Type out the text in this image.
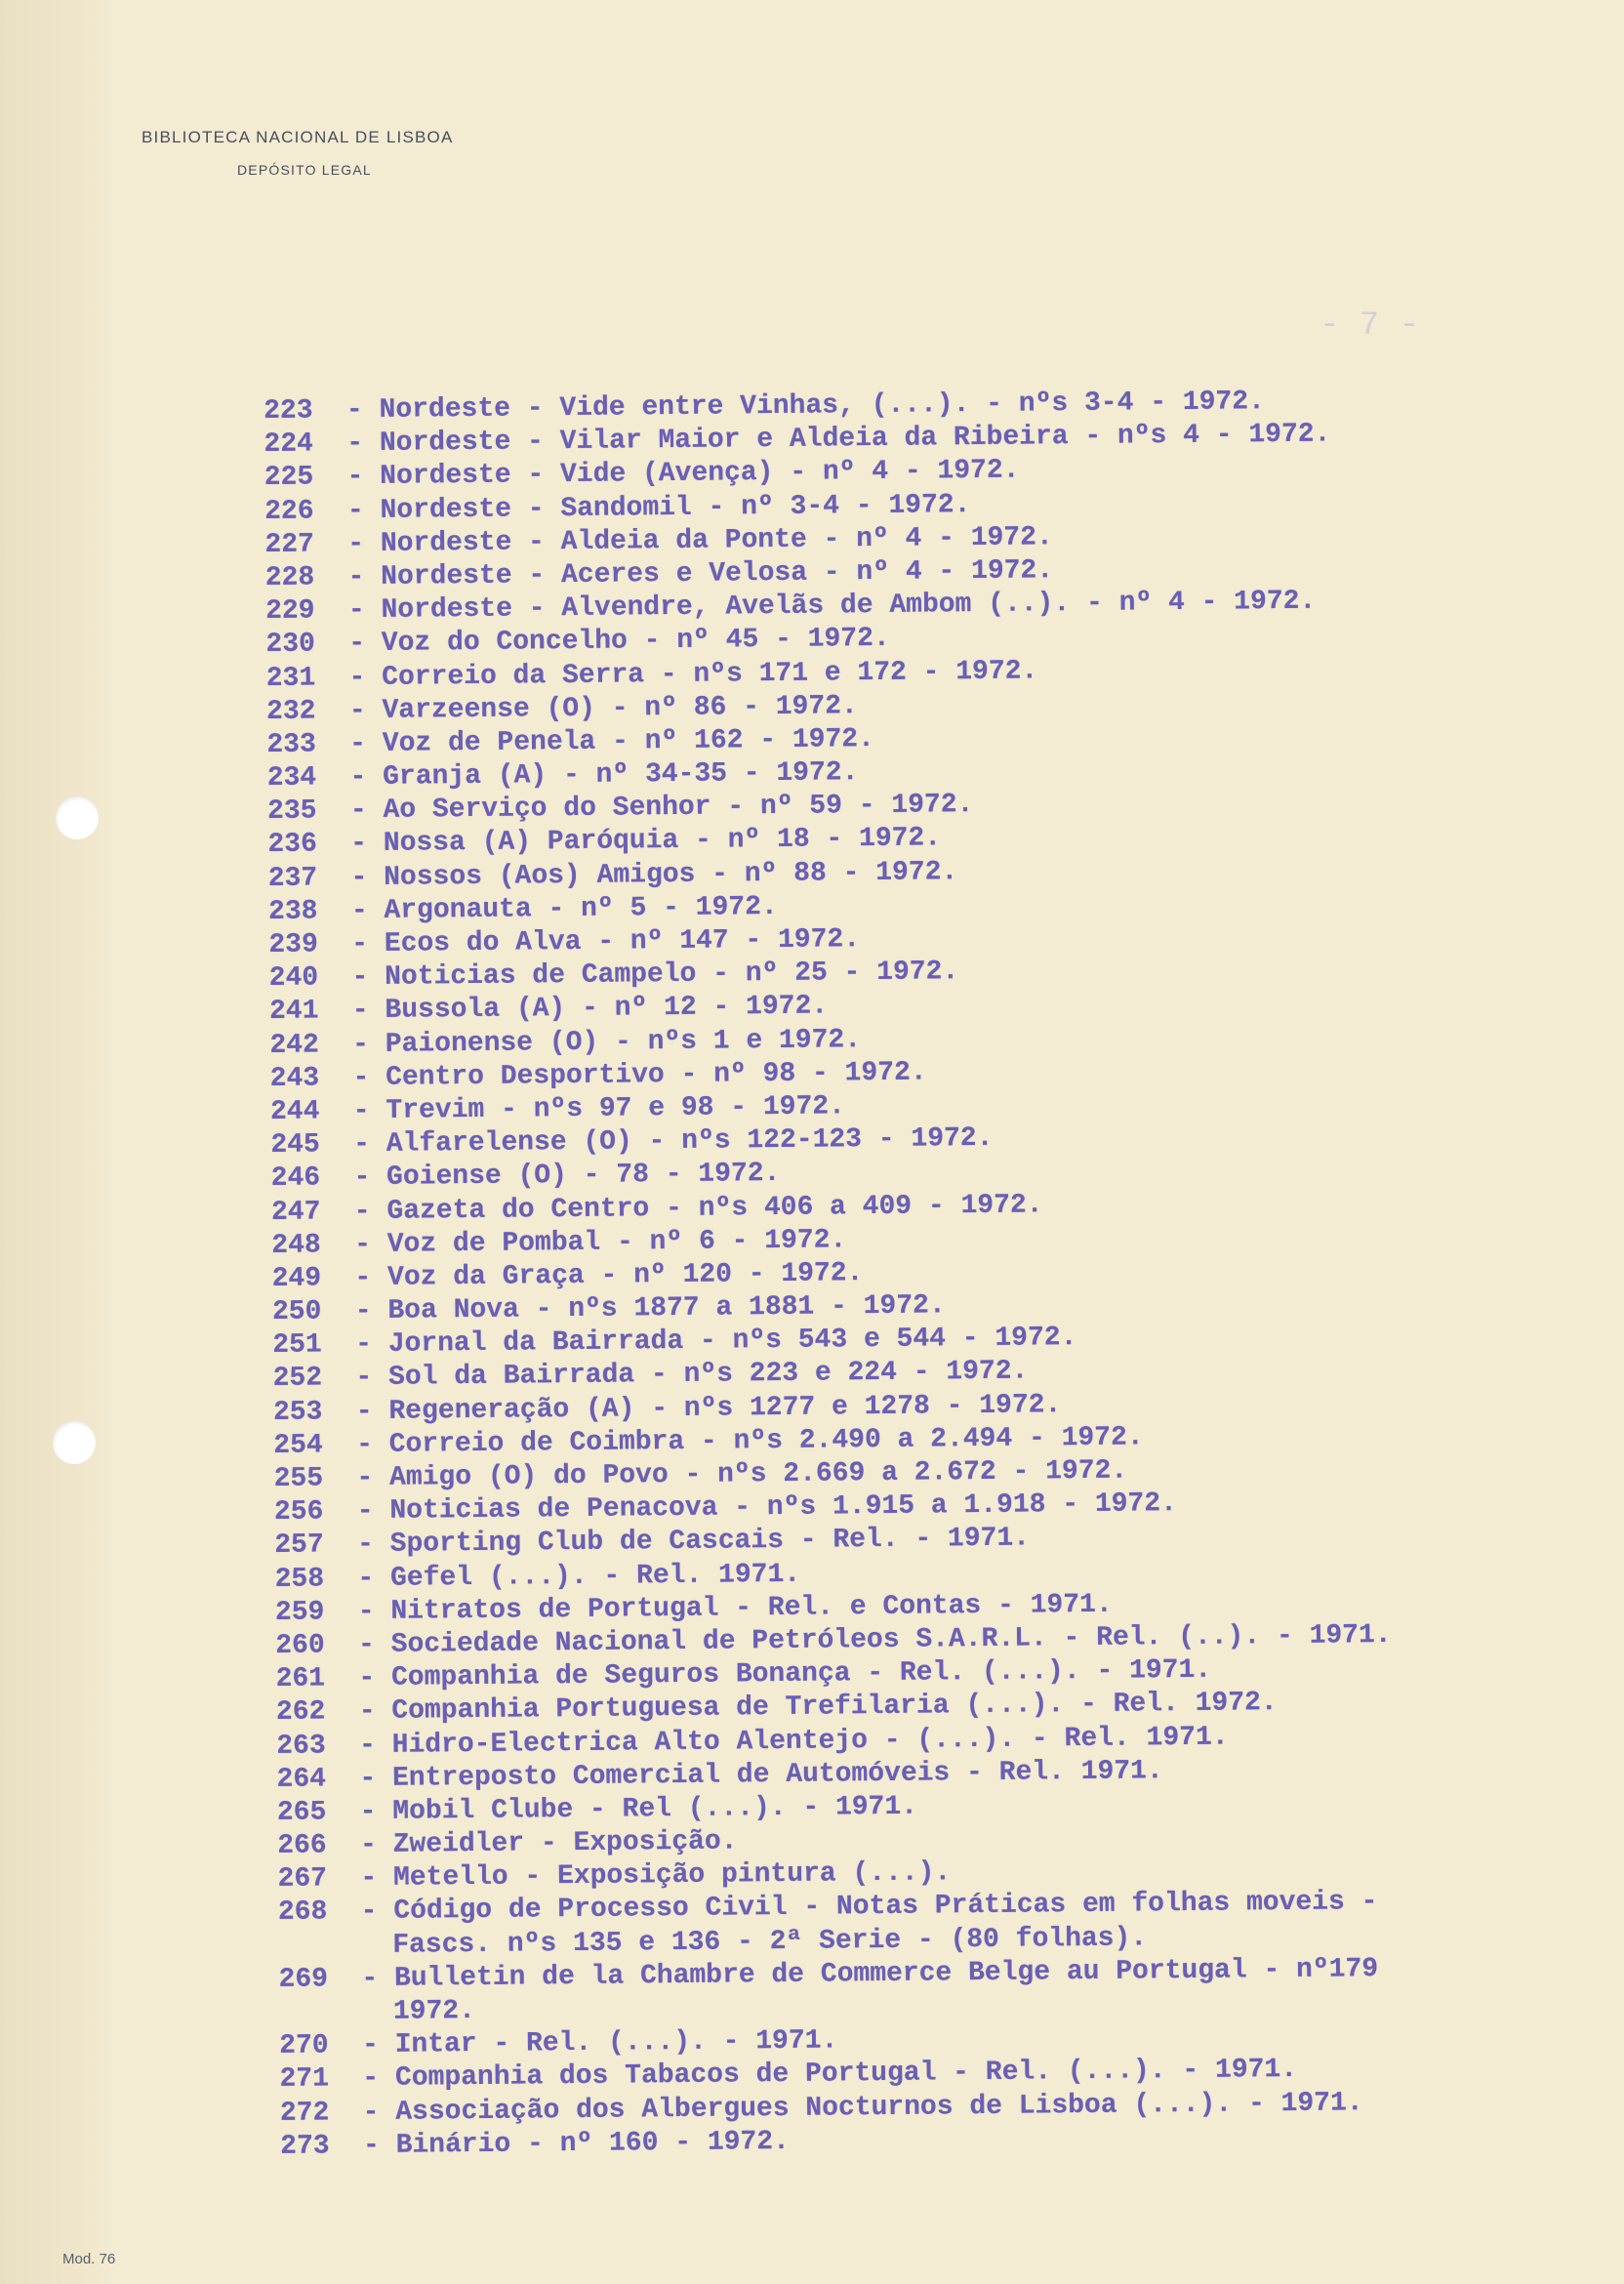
BIBLIOTECA NACIONAL DE LISBOA
DEPÓSITO LEGAL
- 7 -
223 - Nordeste - Vide entre Vinhas, (...). - nºs 3-4 - 1972.
224 - Nordeste - Vilar Maior e Aldeia da Ribeira - nºs 4 - 1972.
225 - Nordeste - Vide (Avença) - nº 4 - 1972.
226 - Nordeste - Sandomil - nº 3-4 - 1972.
227 - Nordeste - Aldeia da Ponte - nº 4 - 1972.
228 - Nordeste - Aceres e Velosa - nº 4 - 1972.
229 - Nordeste - Alvendre, Avelãs de Ambom (..). - nº 4 - 1972.
230 - Voz do Concelho - nº 45 - 1972.
231 - Correio da Serra - nºs 171 e 172 - 1972.
232 - Varzeense (O) - nº 86 - 1972.
233 - Voz de Penela - nº 162 - 1972.
234 - Granja (A) - nº 34-35 - 1972.
235 - Ao Serviço do Senhor - nº 59 - 1972.
236 - Nossa (A) Paróquia - nº 18 - 1972.
237 - Nossos (Aos) Amigos - nº 88 - 1972.
238 - Argonauta - nº 5 - 1972.
239 - Ecos do Alva - nº 147 - 1972.
240 - Noticias de Campelo - nº 25 - 1972.
241 - Bussola (A) - nº 12 - 1972.
242 - Paionense (O) - nºs 1 e 1972.
243 - Centro Desportivo - nº 98 - 1972.
244 - Trevim - nºs 97 e 98 - 1972.
245 - Alfarelense (O) - nºs 122-123 - 1972.
246 - Goiense (O) - 78 - 1972.
247 - Gazeta do Centro - nºs 406 a 409 - 1972.
248 - Voz de Pombal - nº 6 - 1972.
249 - Voz da Graça - nº 120 - 1972.
250 - Boa Nova - nºs 1877 a 1881 - 1972.
251 - Jornal da Bairrada - nºs 543 e 544 - 1972.
252 - Sol da Bairrada - nºs 223 e 224 - 1972.
253 - Regeneração (A) - nºs 1277 e 1278 - 1972.
254 - Correio de Coimbra - nºs 2.490 a 2.494 - 1972.
255 - Amigo (O) do Povo - nºs 2.669 a 2.672 - 1972.
256 - Noticias de Penacova - nºs 1.915 a 1.918 - 1972.
257 - Sporting Club de Cascais - Rel. - 1971.
258 - Gefel (...). - Rel. 1971.
259 - Nitratos de Portugal - Rel. e Contas - 1971.
260 - Sociedade Nacional de Petróleos S.A.R.L. - Rel. (..). - 1971.
261 - Companhia de Seguros Bonança - Rel. (...). - 1971.
262 - Companhia Portuguesa de Trefilaria (...). - Rel. 1972.
263 - Hidro-Electrica Alto Alentejo - (...). - Rel. 1971.
264 - Entreposto Comercial de Automóveis - Rel. 1971.
265 - Mobil Clube - Rel (...). - 1971.
266 - Zweidler - Exposição.
267 - Metello - Exposição pintura (...).
268 - Código de Processo Civil - Notas Práticas em folhas moveis -
Fascs. nºs 135 e 136 - 2ª Serie - (80 folhas).
269 - Bulletin de la Chambre de Commerce Belge au Portugal - nº179
1972.
270 - Intar - Rel. (...). - 1971.
271 - Companhia dos Tabacos de Portugal - Rel. (...). - 1971.
272 - Associação dos Albergues Nocturnos de Lisboa (...). - 1971.
273 - Binário - nº 160 - 1972.
Mod. 76
